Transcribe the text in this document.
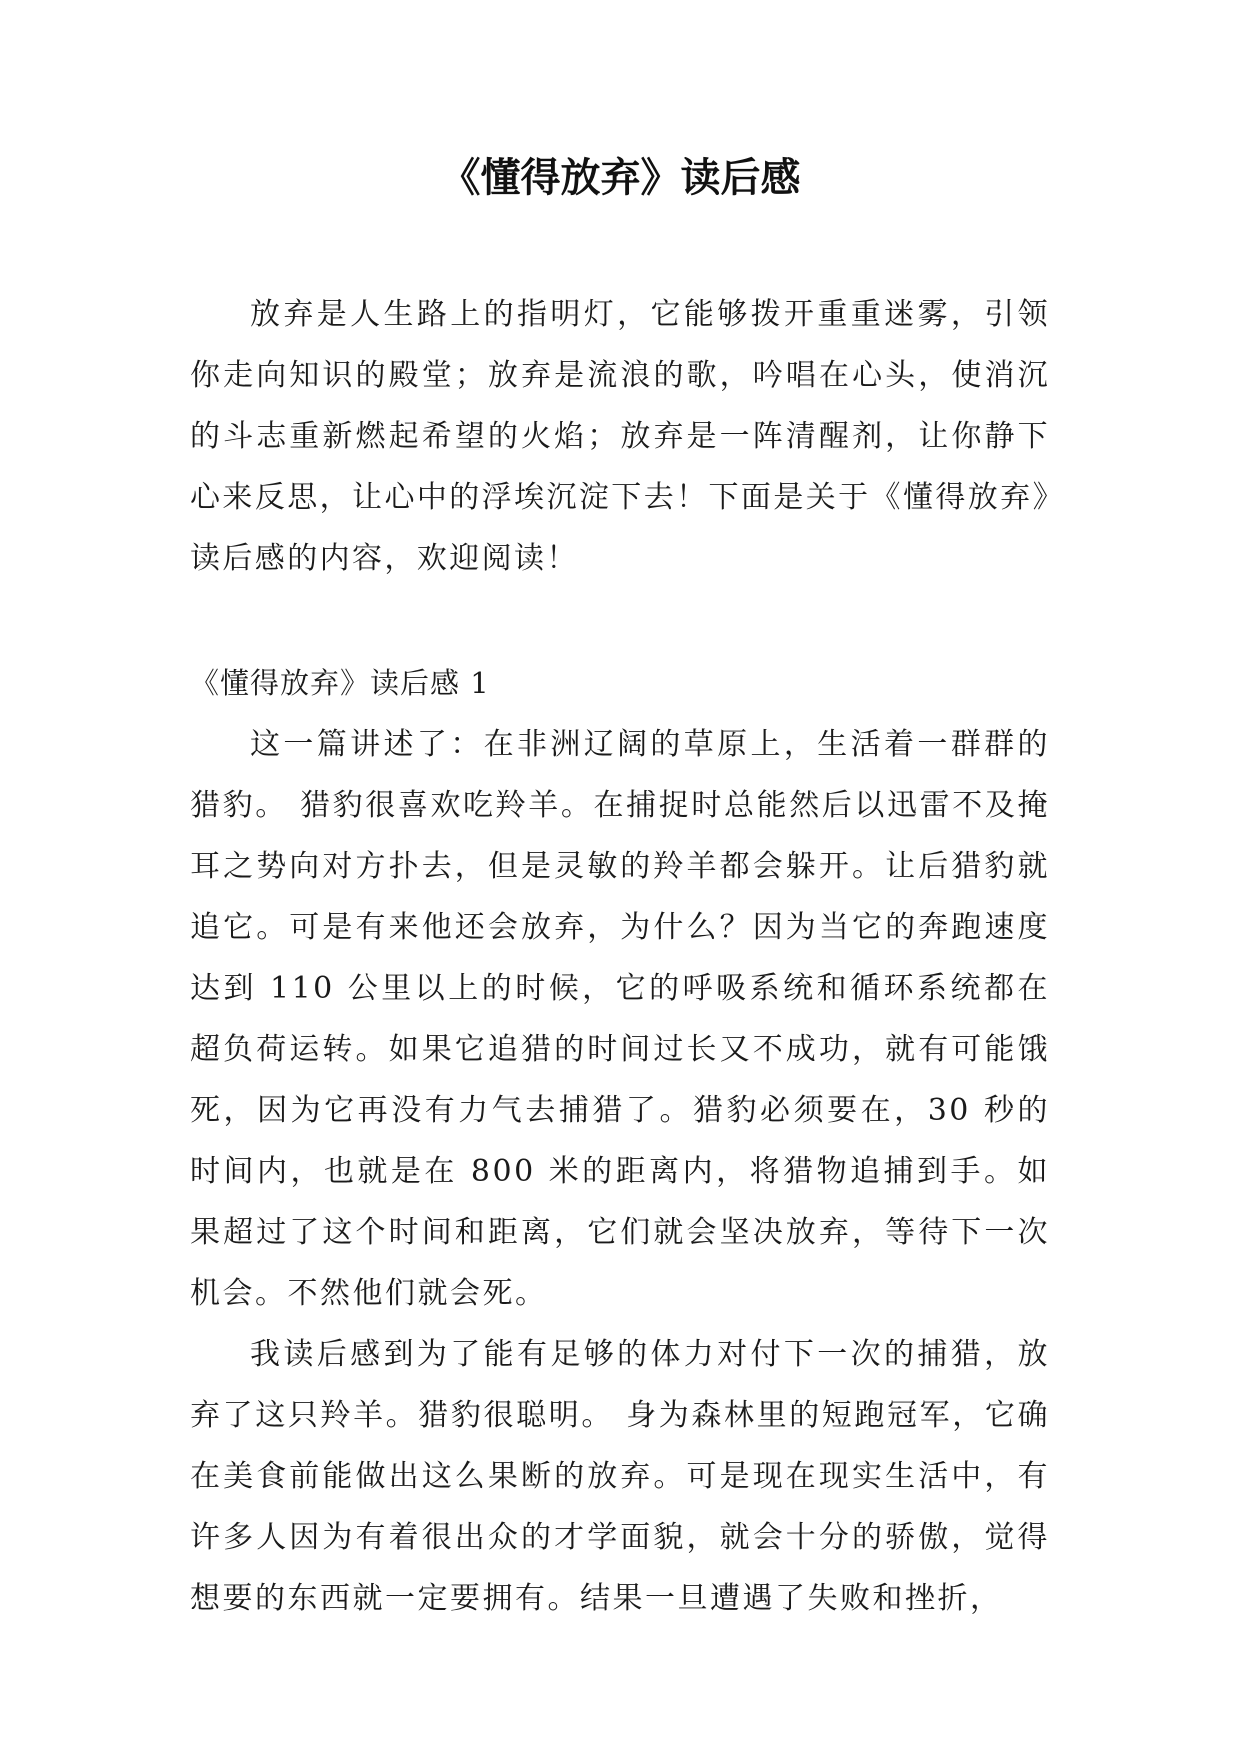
《懂得放弃》读后感

放弃是人生路上的指明灯，它能够拨开重重迷雾，引领你走向知识的殿堂；放弃是流浪的歌，吟唱在心头，使消沉的斗志重新燃起希望的火焰；放弃是一阵清醒剂，让你静下心来反思，让心中的浮埃沉淀下去！下面是关于《懂得放弃》读后感的内容，欢迎阅读！

《懂得放弃》读后感 1

这一篇讲述了：在非洲辽阔的草原上，生活着一群群的猎豹。 猎豹很喜欢吃羚羊。在捕捉时总能然后以迅雷不及掩耳之势向对方扑去，但是灵敏的羚羊都会躲开。让后猎豹就追它。可是有来他还会放弃，为什么？因为当它的奔跑速度达到 110 公里以上的时候，它的呼吸系统和循环系统都在超负荷运转。如果它追猎的时间过长又不成功，就有可能饿死，因为它再没有力气去捕猎了。猎豹必须要在，30 秒的时间内，也就是在 800 米的距离内，将猎物追捕到手。如果超过了这个时间和距离，它们就会坚决放弃，等待下一次机会。不然他们就会死。

我读后感到为了能有足够的体力对付下一次的捕猎，放弃了这只羚羊。猎豹很聪明。 身为森林里的短跑冠军，它确在美食前能做出这么果断的放弃。可是现在现实生活中，有许多人因为有着很出众的才学面貌，就会十分的骄傲，觉得想要的东西就一定要拥有。结果一旦遭遇了失败和挫折，
